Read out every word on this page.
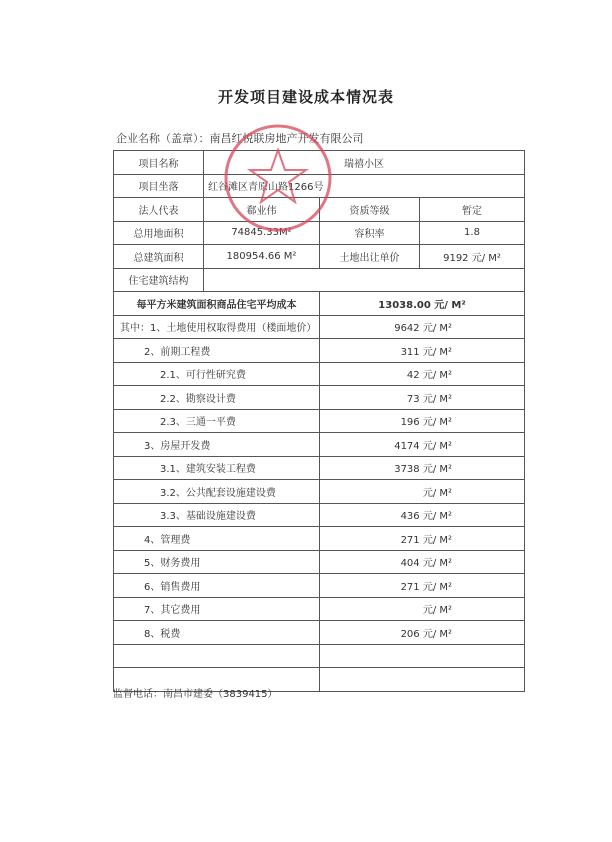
开发项目建设成本情况表
企业名称（盖章）：南昌红悦联房地产开发有限公司
项目名称	瑞禧小区		
项目坐落	红谷滩区青原山路1266号		
法人代表	郗业伟	资质等级	暂定
总用地面积	74845.33M²	容积率	1.8
总建筑面积	180954.66 M²	土地出让单价	9192 元/ M²
住宅建筑结构			
每平方米建筑面积商品住宅平均成本		13038.00 元/ M²	
其中：1、土地使用权取得费用（楼面地价）		9642 元/ M²	
2、前期工程费		311 元/ M²	
2.1、可行性研究费		42 元/ M²	
2.2、勘察设计费		73 元/ M²	
2.3、三通一平费		196 元/ M²	
3、房屋开发费		4174 元/ M²	
3.1、建筑安装工程费		3738 元/ M²	
3.2、公共配套设施建设费		元/ M²	
3.3、基础设施建设费		436 元/ M²	
4、管理费		271 元/ M²	
5、财务费用		404 元/ M²	
6、销售费用		271 元/ M²	
7、其它费用		元/ M²	
8、税费		206 元/ M²	

监督电话：南昌市建委（3839415）
